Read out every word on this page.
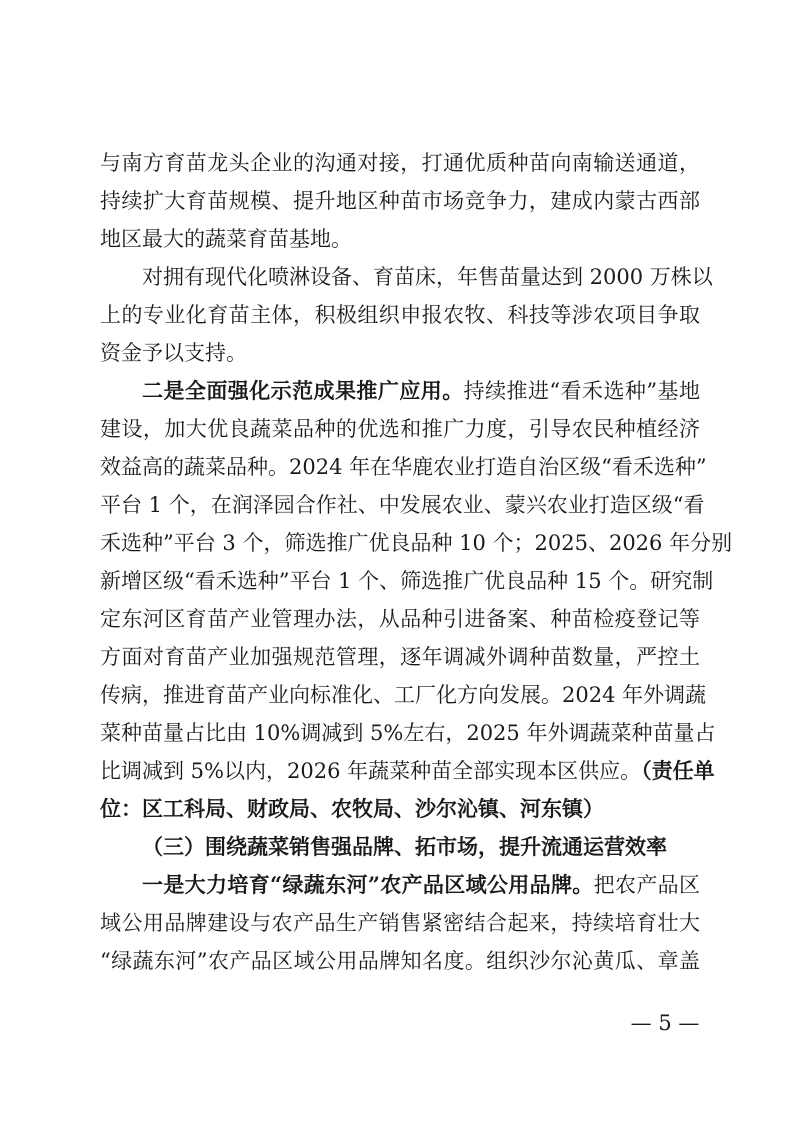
与南方育苗龙头企业的沟通对接，打通优质种苗向南输送通道，
持续扩大育苗规模、提升地区种苗市场竞争力，建成内蒙古西部
地区最大的蔬菜育苗基地。
对拥有现代化喷淋设备、育苗床，年售苗量达到 2000 万株以
上的专业化育苗主体，积极组织申报农牧、科技等涉农项目争取
资金予以支持。
二是全面强化示范成果推广应用。持续推进“看禾选种”基地
建设，加大优良蔬菜品种的优选和推广力度，引导农民种植经济
效益高的蔬菜品种。2024 年在华鹿农业打造自治区级“看禾选种”
平台 1 个，在润泽园合作社、中发展农业、蒙兴农业打造区级“看
禾选种”平台 3 个，筛选推广优良品种 10 个；2025、2026 年分别
新增区级“看禾选种”平台 1 个、筛选推广优良品种 15 个。研究制
定东河区育苗产业管理办法，从品种引进备案、种苗检疫登记等
方面对育苗产业加强规范管理，逐年调减外调种苗数量，严控土
传病，推进育苗产业向标准化、工厂化方向发展。2024 年外调蔬
菜种苗量占比由 10%调减到 5%左右，2025 年外调蔬菜种苗量占
比调减到 5%以内，2026 年蔬菜种苗全部实现本区供应。（责任单
位：区工科局、财政局、农牧局、沙尔沁镇、河东镇）
（三）围绕蔬菜销售强品牌、拓市场，提升流通运营效率
一是大力培育“绿蔬东河”农产品区域公用品牌。把农产品区
域公用品牌建设与农产品生产销售紧密结合起来，持续培育壮大
“绿蔬东河”农产品区域公用品牌知名度。组织沙尔沁黄瓜、章盖
— 5 —
